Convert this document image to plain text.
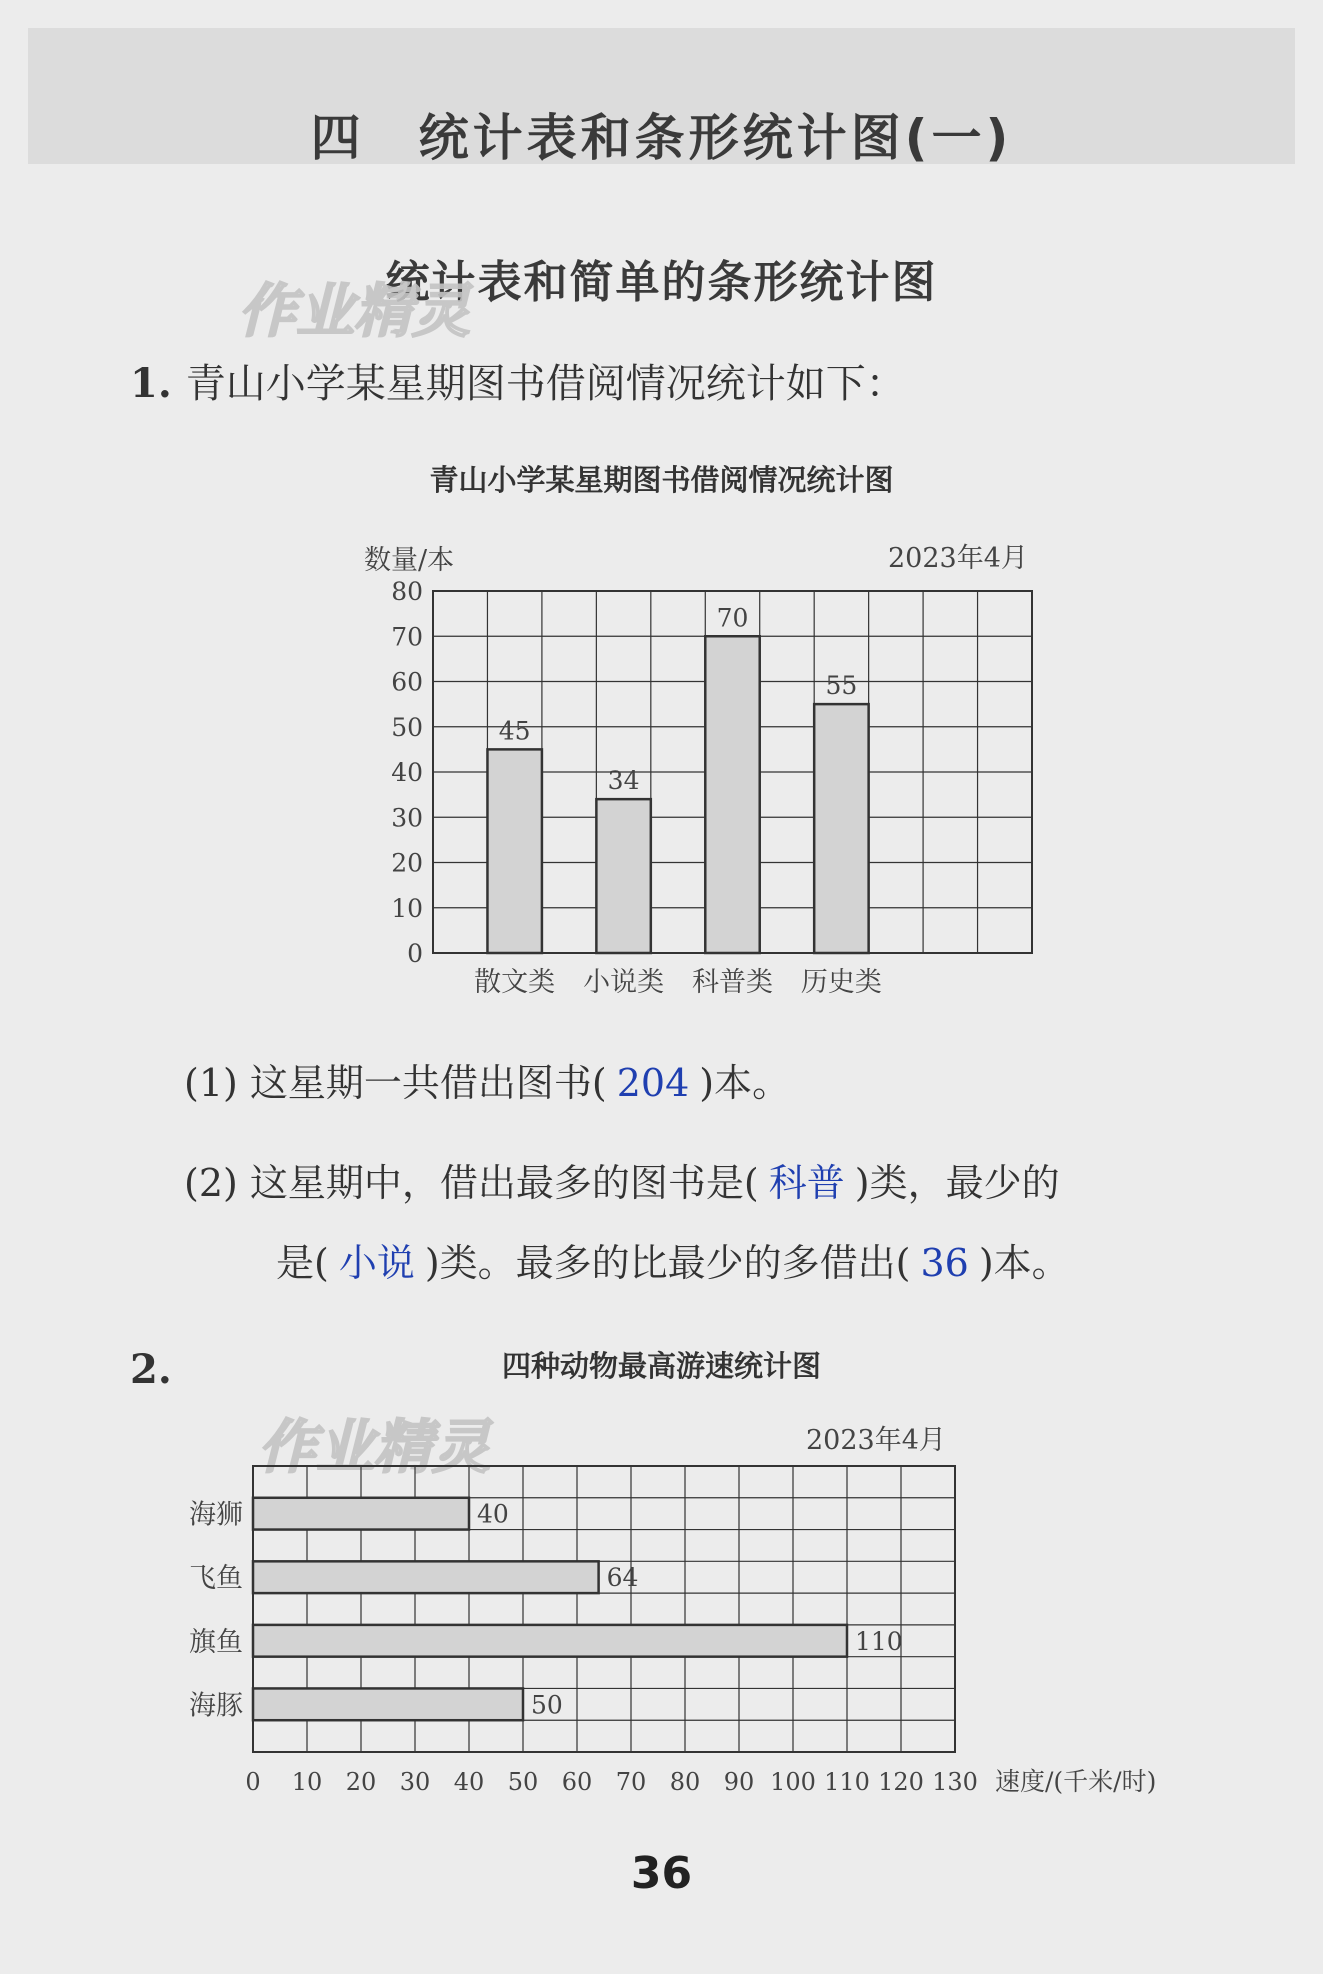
四　统计表和条形统计图(一)
统计表和简单的条形统计图
作业精灵
1. 青山小学某星期图书借阅情况统计如下：
青山小学某星期图书借阅情况统计图
数量/本	2023年4月
0
10
20
30
40
50
60
70
80
45
散文类
34
小说类
70
科普类
55
历史类
(1) 这星期一共借出图书( 204 )本。
(2) 这星期中，借出最多的图书是( 科普 )类，最少的
是( 小说 )类。最多的比最少的多借出( 36 )本。
2.	四种动物最高游速统计图
作业精灵	2023年4月
0 10 20 30 40 50 60 70 80 90 100 110 120 130
40
海狮
64
飞鱼
110
旗鱼
50
海豚
速度/(千米/时)
36
